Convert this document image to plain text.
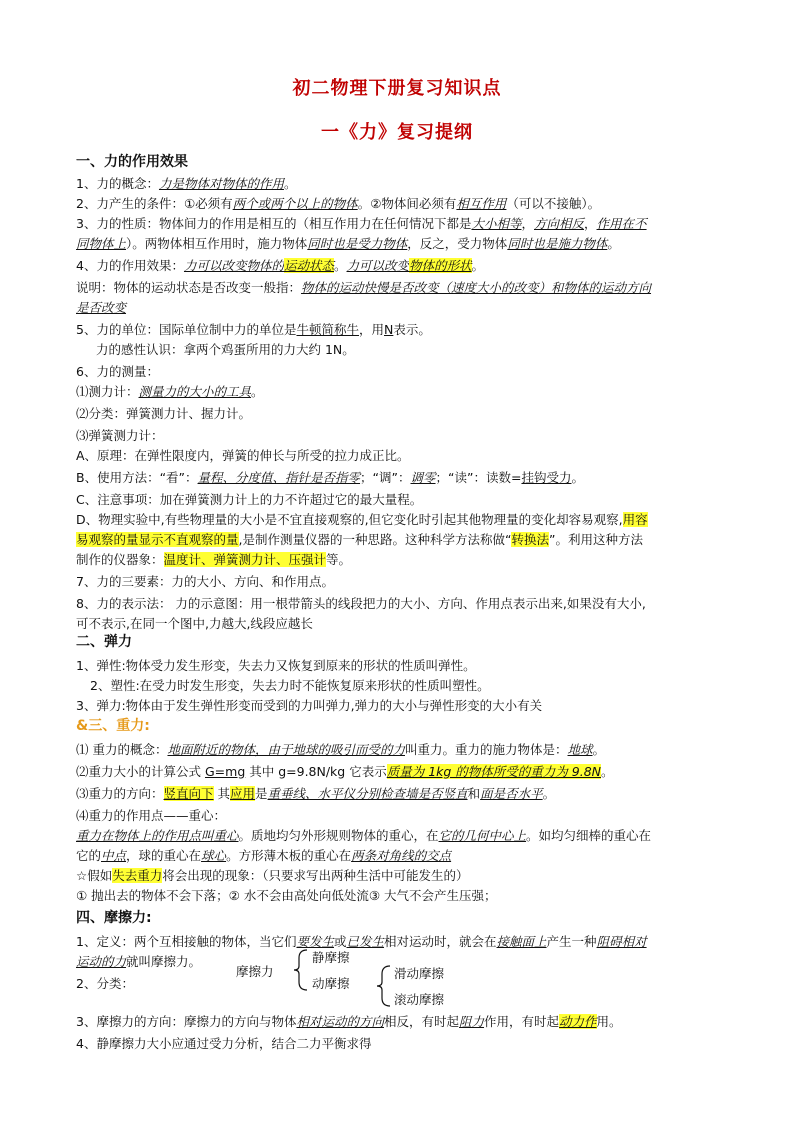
初二物理下册复习知识点
一《力》复习提纲
一、力的作用效果
1、力的概念：力是物体对物体的作用。
2、力产生的条件：①必须有两个或两个以上的物体。②物体间必须有相互作用（可以不接触）。
3、力的性质：物体间力的作用是相互的（相互作用力在任何情况下都是大小相等，方向相反，作用在不
同物体上）。两物体相互作用时，施力物体同时也是受力物体，反之，受力物体同时也是施力物体。
4、力的作用效果：力可以改变物体的运动状态。力可以改变物体的形状。
说明：物体的运动状态是否改变一般指：物体的运动快慢是否改变（速度大小的改变）和物体的运动方向
是否改变
5、力的单位：国际单位制中力的单位是牛顿简称牛，用N表示。
力的感性认识：拿两个鸡蛋所用的力大约 1N。
6、力的测量：
⑴测力计：测量力的大小的工具。
⑵分类：弹簧测力计、握力计。
⑶弹簧测力计：
A、原理：在弹性限度内，弹簧的伸长与所受的拉力成正比。
B、使用方法：“看”：量程、分度值、指针是否指零；“调”：调零；“读”：读数=挂钩受力。
C、注意事项：加在弹簧测力计上的力不许超过它的最大量程。
D、物理实验中,有些物理量的大小是不宜直接观察的,但它变化时引起其他物理量的变化却容易观察,用容
易观察的量显示不直观察的量,是制作测量仪器的一种思路。这种科学方法称做“转换法”。利用这种方法
制作的仪器象：温度计、弹簧测力计、压强计等。
7、力的三要素：力的大小、方向、和作用点。
8、力的表示法： 力的示意图：用一根带箭头的线段把力的大小、方向、作用点表示出来,如果没有大小,
可不表示,在同一个图中,力越大,线段应越长
二、弹力
1、弹性:物体受力发生形变，失去力又恢复到原来的形状的性质叫弹性。
2、塑性:在受力时发生形变，失去力时不能恢复原来形状的性质叫塑性。
3、弹力:物体由于发生弹性形变而受到的力叫弹力,弹力的大小与弹性形变的大小有关
&三、重力:
⑴ 重力的概念：地面附近的物体，由于地球的吸引而受的力叫重力。重力的施力物体是：地球。
⑵重力大小的计算公式 G=mg 其中 g=9.8N/kg 它表示质量为 1kg 的物体所受的重力为 9.8N。
⑶重力的方向：竖直向下 其应用是重垂线、水平仪分别检查墙是否竖直和面是否水平。
⑷重力的作用点——重心：
重力在物体上的作用点叫重心。质地均匀外形规则物体的重心，在它的几何中心上。如均匀细棒的重心在
它的中点，球的重心在球心。方形薄木板的重心在两条对角线的交点
☆假如失去重力将会出现的现象：（只要求写出两种生活中可能发生的）
① 抛出去的物体不会下落；② 水不会由高处向低处流③ 大气不会产生压强；
四、摩擦力:
1、定义：两个互相接触的物体，当它们要发生或已发生相对运动时，就会在接触面上产生一种阻碍相对
运动的力就叫摩擦力。
2、分类：
摩擦力
静摩擦
动摩擦
滑动摩擦
滚动摩擦
3、摩擦力的方向：摩擦力的方向与物体相对运动的方向相反，有时起阻力作用，有时起动力作用。
4、静摩擦力大小应通过受力分析，结合二力平衡求得
